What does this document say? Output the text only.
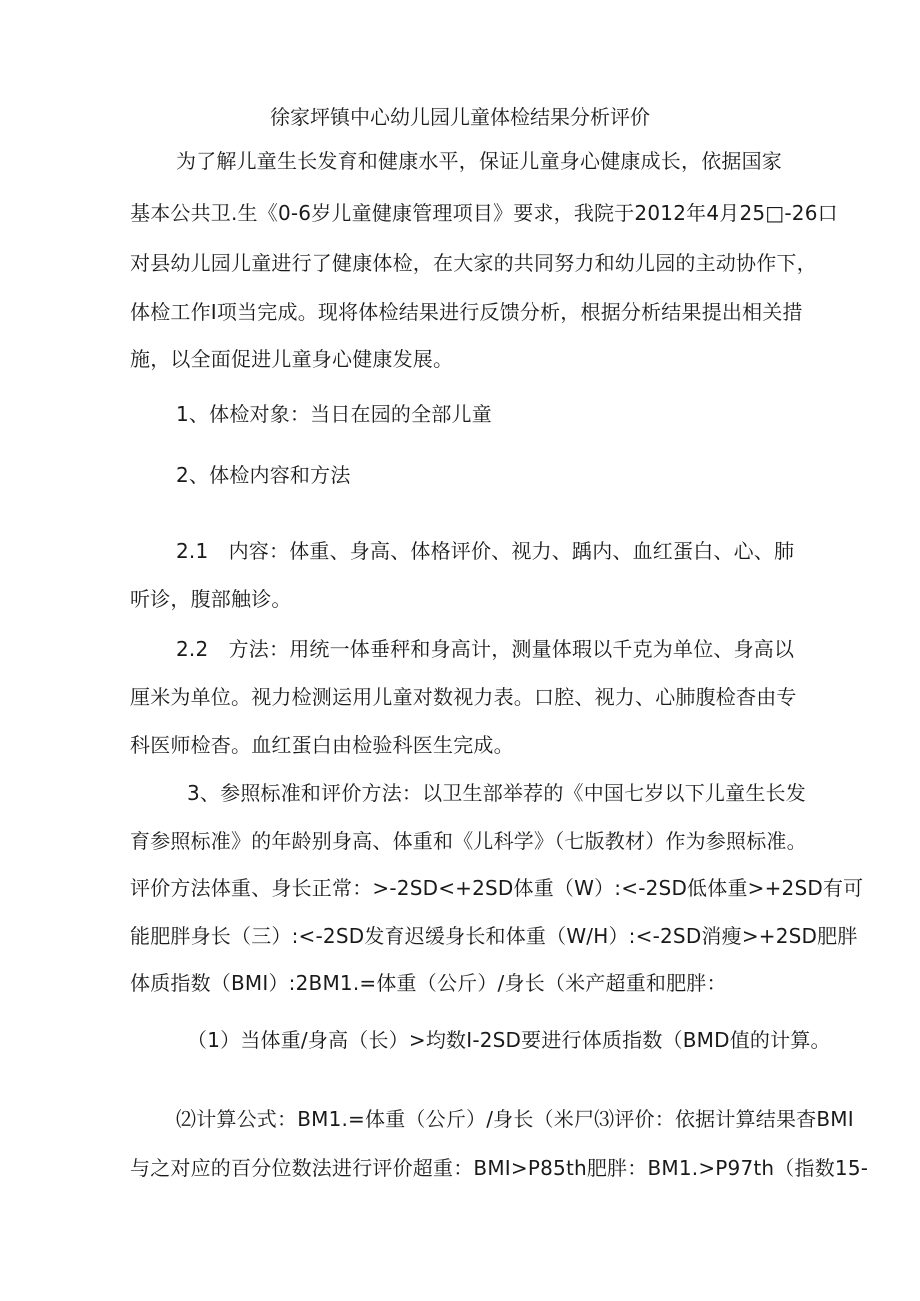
徐家坪镇中心幼儿园儿童体检结果分析评价
为了解儿童生长发育和健康水平，保证儿童身心健康成长，依据国家
基本公共卫.生《0-6岁儿童健康管理项目》要求，我院于2012年4月25□-26口
对县幼儿园儿童进行了健康体检，在大家的共同努力和幼儿园的主动协作下，
体检工作I项当完成。现将体检结果进行反馈分析，根据分析结果提出相关措
施，以全面促进儿童身心健康发展。
1、体检对象：当日在园的全部儿童
2、体检内容和方法
2.1　内容：体重、身高、体格评价、视力、踽内、血红蛋白、心、肺
听诊，腹部触诊。
2.2　方法：用统一体垂秤和身高计，测量体瑕以千克为单位、身高以
厘米为单位。视力检测运用儿童对数视力表。口腔、视力、心肺腹检杳由专
科医师检杳。血红蛋白由检验科医生完成。
3、参照标准和评价方法：以卫生部举荐的《中国七岁以下儿童生长发
育参照标准》的年龄别身高、体重和《儿科学》（七版教材）作为参照标准。
评价方法体重、身长正常：>-2SD<+2SD体重（W）:<-2SD低体重>+2SD有可
能肥胖身长（三）:<-2SD发育迟缓身长和体重（W/H）:<-2SD消瘦>+2SD肥胖
体质指数（BMI）:2BM1.=体重（公斤）/身长（米产超重和肥胖：
（1）当体重/身高（长）>均数I-2SD要进行体质指数（BMD值的计算。
⑵计算公式：BM1.=体重（公斤）/身长（米尸⑶评价：依据计算结果杳BMI
与之对应的百分位数法进行评价超重：BMI>P85th肥胖：BM1.>P97th（指数15-
